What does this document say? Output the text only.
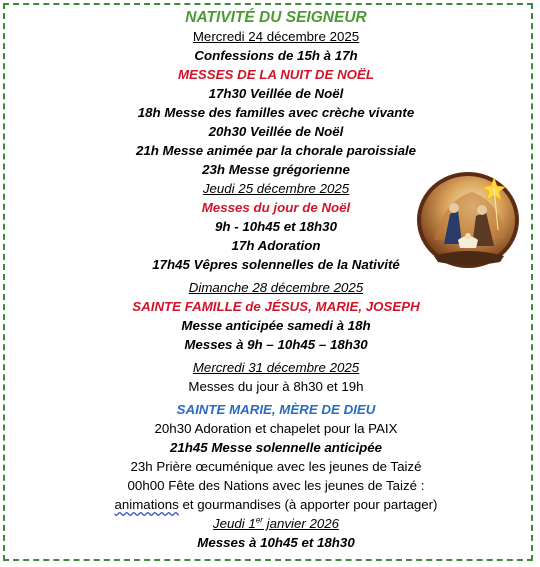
NATIVITÉ DU SEIGNEUR
Mercredi 24 décembre 2025
Confessions de 15h à 17h
MESSES DE LA NUIT DE NOËL
17h30 Veillée de Noël
18h Messe des familles avec crèche vivante
20h30 Veillée de Noël
21h Messe animée par la chorale paroissiale
23h Messe grégorienne
Jeudi 25 décembre 2025
Messes du jour de Noël
9h - 10h45 et 18h30
17h Adoration
17h45 Vêpres solennelles de la Nativité
Dimanche 28 décembre 2025
SAINTE FAMILLE de JÉSUS, MARIE, JOSEPH
Messe anticipée samedi à 18h
Messes à 9h – 10h45 – 18h30
Mercredi 31 décembre 2025
Messes du jour à 8h30 et 19h
SAINTE MARIE, MÈRE DE DIEU
20h30 Adoration et chapelet pour la PAIX
21h45 Messe solennelle anticipée
23h Prière œcuménique avec les jeunes de Taizé
00h00 Fête des Nations avec les jeunes de Taizé :
animations et gourmandises (à apporter pour partager)
Jeudi 1er janvier 2026
Messes à 10h45 et 18h30
